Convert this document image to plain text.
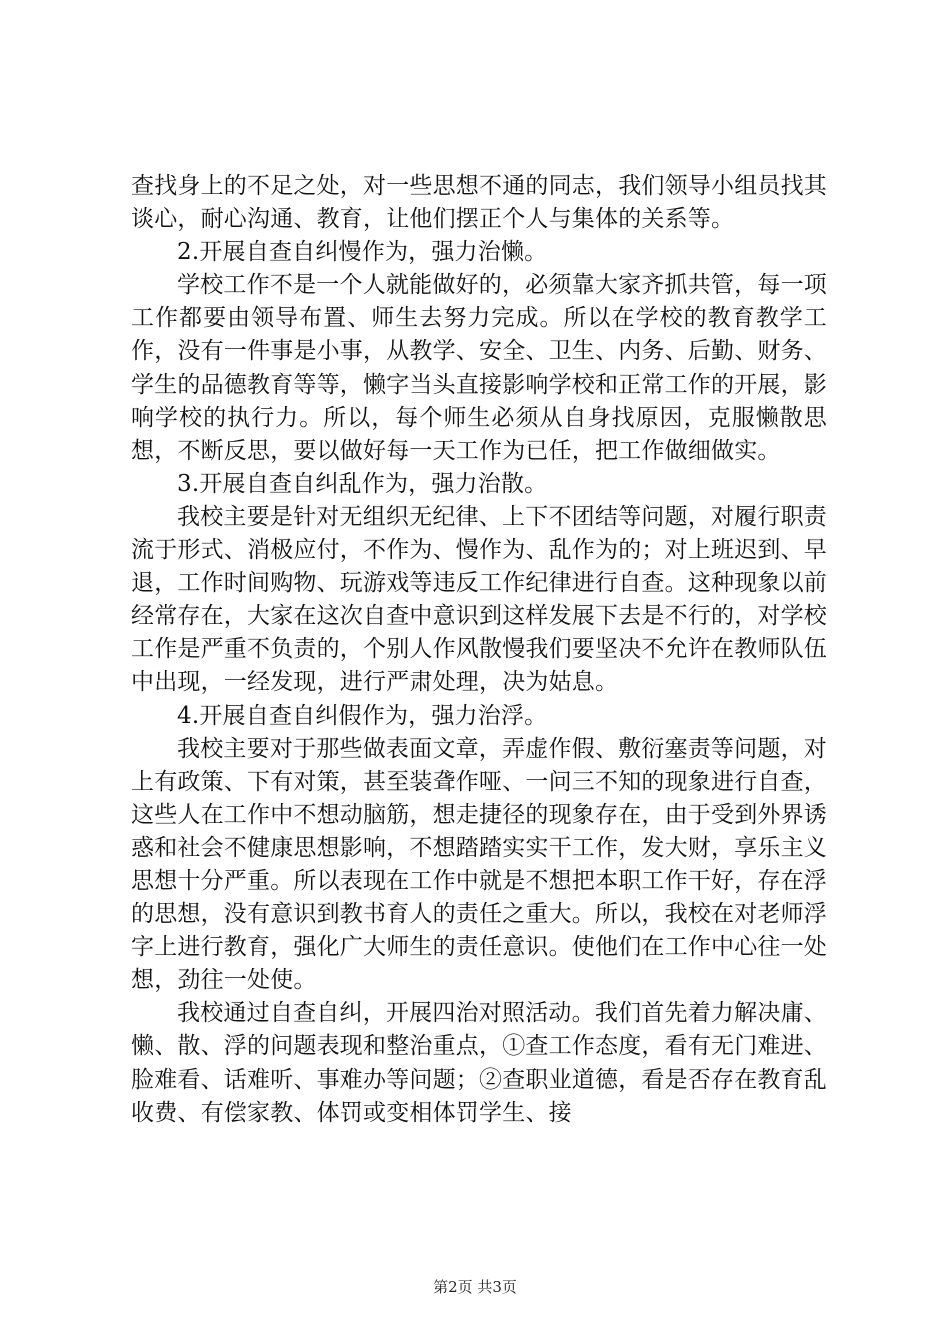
查找身上的不足之处，对一些思想不通的同志，我们领导小组员找其谈心，耐心沟通、教育，让他们摆正个人与集体的关系等。

2.开展自查自纠慢作为，强力治懒。

学校工作不是一个人就能做好的，必须靠大家齐抓共管，每一项工作都要由领导布置、师生去努力完成。所以在学校的教育教学工作，没有一件事是小事，从教学、安全、卫生、内务、后勤、财务、学生的品德教育等等，懒字当头直接影响学校和正常工作的开展，影响学校的执行力。所以，每个师生必须从自身找原因，克服懒散思想，不断反思，要以做好每一天工作为已任，把工作做细做实。

3.开展自查自纠乱作为，强力治散。

我校主要是针对无组织无纪律、上下不团结等问题，对履行职责流于形式、消极应付，不作为、慢作为、乱作为的；对上班迟到、早退，工作时间购物、玩游戏等违反工作纪律进行自查。这种现象以前经常存在，大家在这次自查中意识到这样发展下去是不行的，对学校工作是严重不负责的，个别人作风散慢我们要坚决不允许在教师队伍中出现，一经发现，进行严肃处理，决为姑息。

4.开展自查自纠假作为，强力治浮。

我校主要对于那些做表面文章，弄虚作假、敷衍塞责等问题，对上有政策、下有对策，甚至装聋作哑、一问三不知的现象进行自查，这些人在工作中不想动脑筋，想走捷径的现象存在，由于受到外界诱惑和社会不健康思想影响，不想踏踏实实干工作，发大财，享乐主义思想十分严重。所以表现在工作中就是不想把本职工作干好，存在浮的思想，没有意识到教书育人的责任之重大。所以，我校在对老师浮字上进行教育，强化广大师生的责任意识。使他们在工作中心往一处想，劲往一处使。

我校通过自查自纠，开展四治对照活动。我们首先着力解决庸、懒、散、浮的问题表现和整治重点，①查工作态度，看有无门难进、脸难看、话难听、事难办等问题；②查职业道德，看是否存在教育乱收费、有偿家教、体罚或变相体罚学生、接

第2页 共3页
